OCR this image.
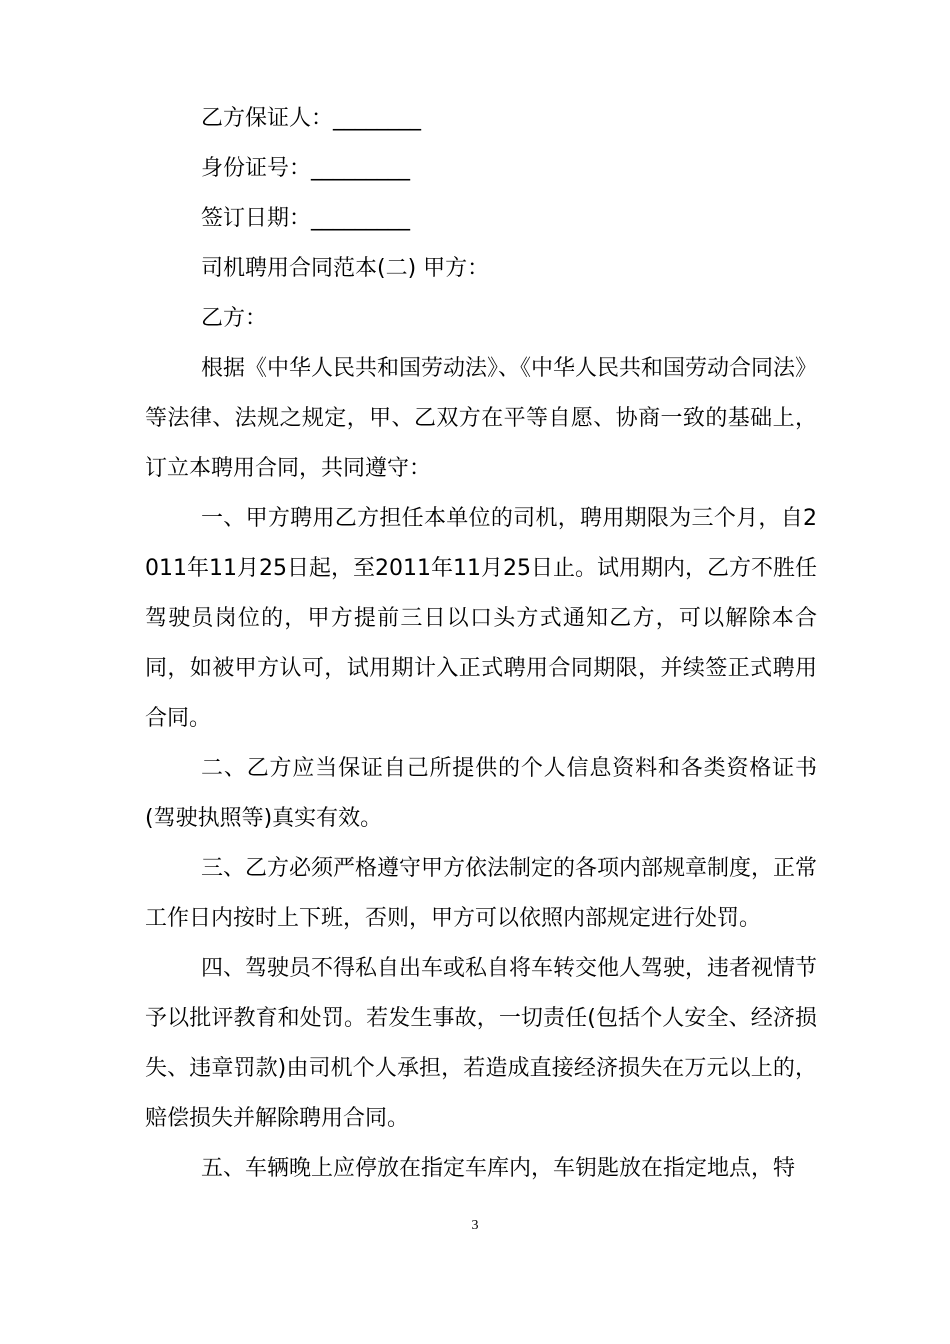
乙方保证人：________
身份证号：_________
签订日期：_________
司机聘用合同范本(二) 甲方：
乙方：

根据《中华人民共和国劳动法》、《中华人民共和国劳动合同法》等法律、法规之规定，甲、乙双方在平等自愿、协商一致的基础上，订立本聘用合同，共同遵守：

一、甲方聘用乙方担任本单位的司机，聘用期限为三个月，自2011年11月25日起，至2011年11月25日止。试用期内，乙方不胜任驾驶员岗位的，甲方提前三日以口头方式通知乙方，可以解除本合同，如被甲方认可，试用期计入正式聘用合同期限，并续签正式聘用合同。

二、乙方应当保证自己所提供的个人信息资料和各类资格证书(驾驶执照等)真实有效。

三、乙方必须严格遵守甲方依法制定的各项内部规章制度，正常工作日内按时上下班，否则，甲方可以依照内部规定进行处罚。

四、驾驶员不得私自出车或私自将车转交他人驾驶，违者视情节予以批评教育和处罚。若发生事故，一切责任(包括个人安全、经济损失、违章罚款)由司机个人承担，若造成直接经济损失在万元以上的，赔偿损失并解除聘用合同。

五、车辆晚上应停放在指定车库内，车钥匙放在指定地点，特

3
